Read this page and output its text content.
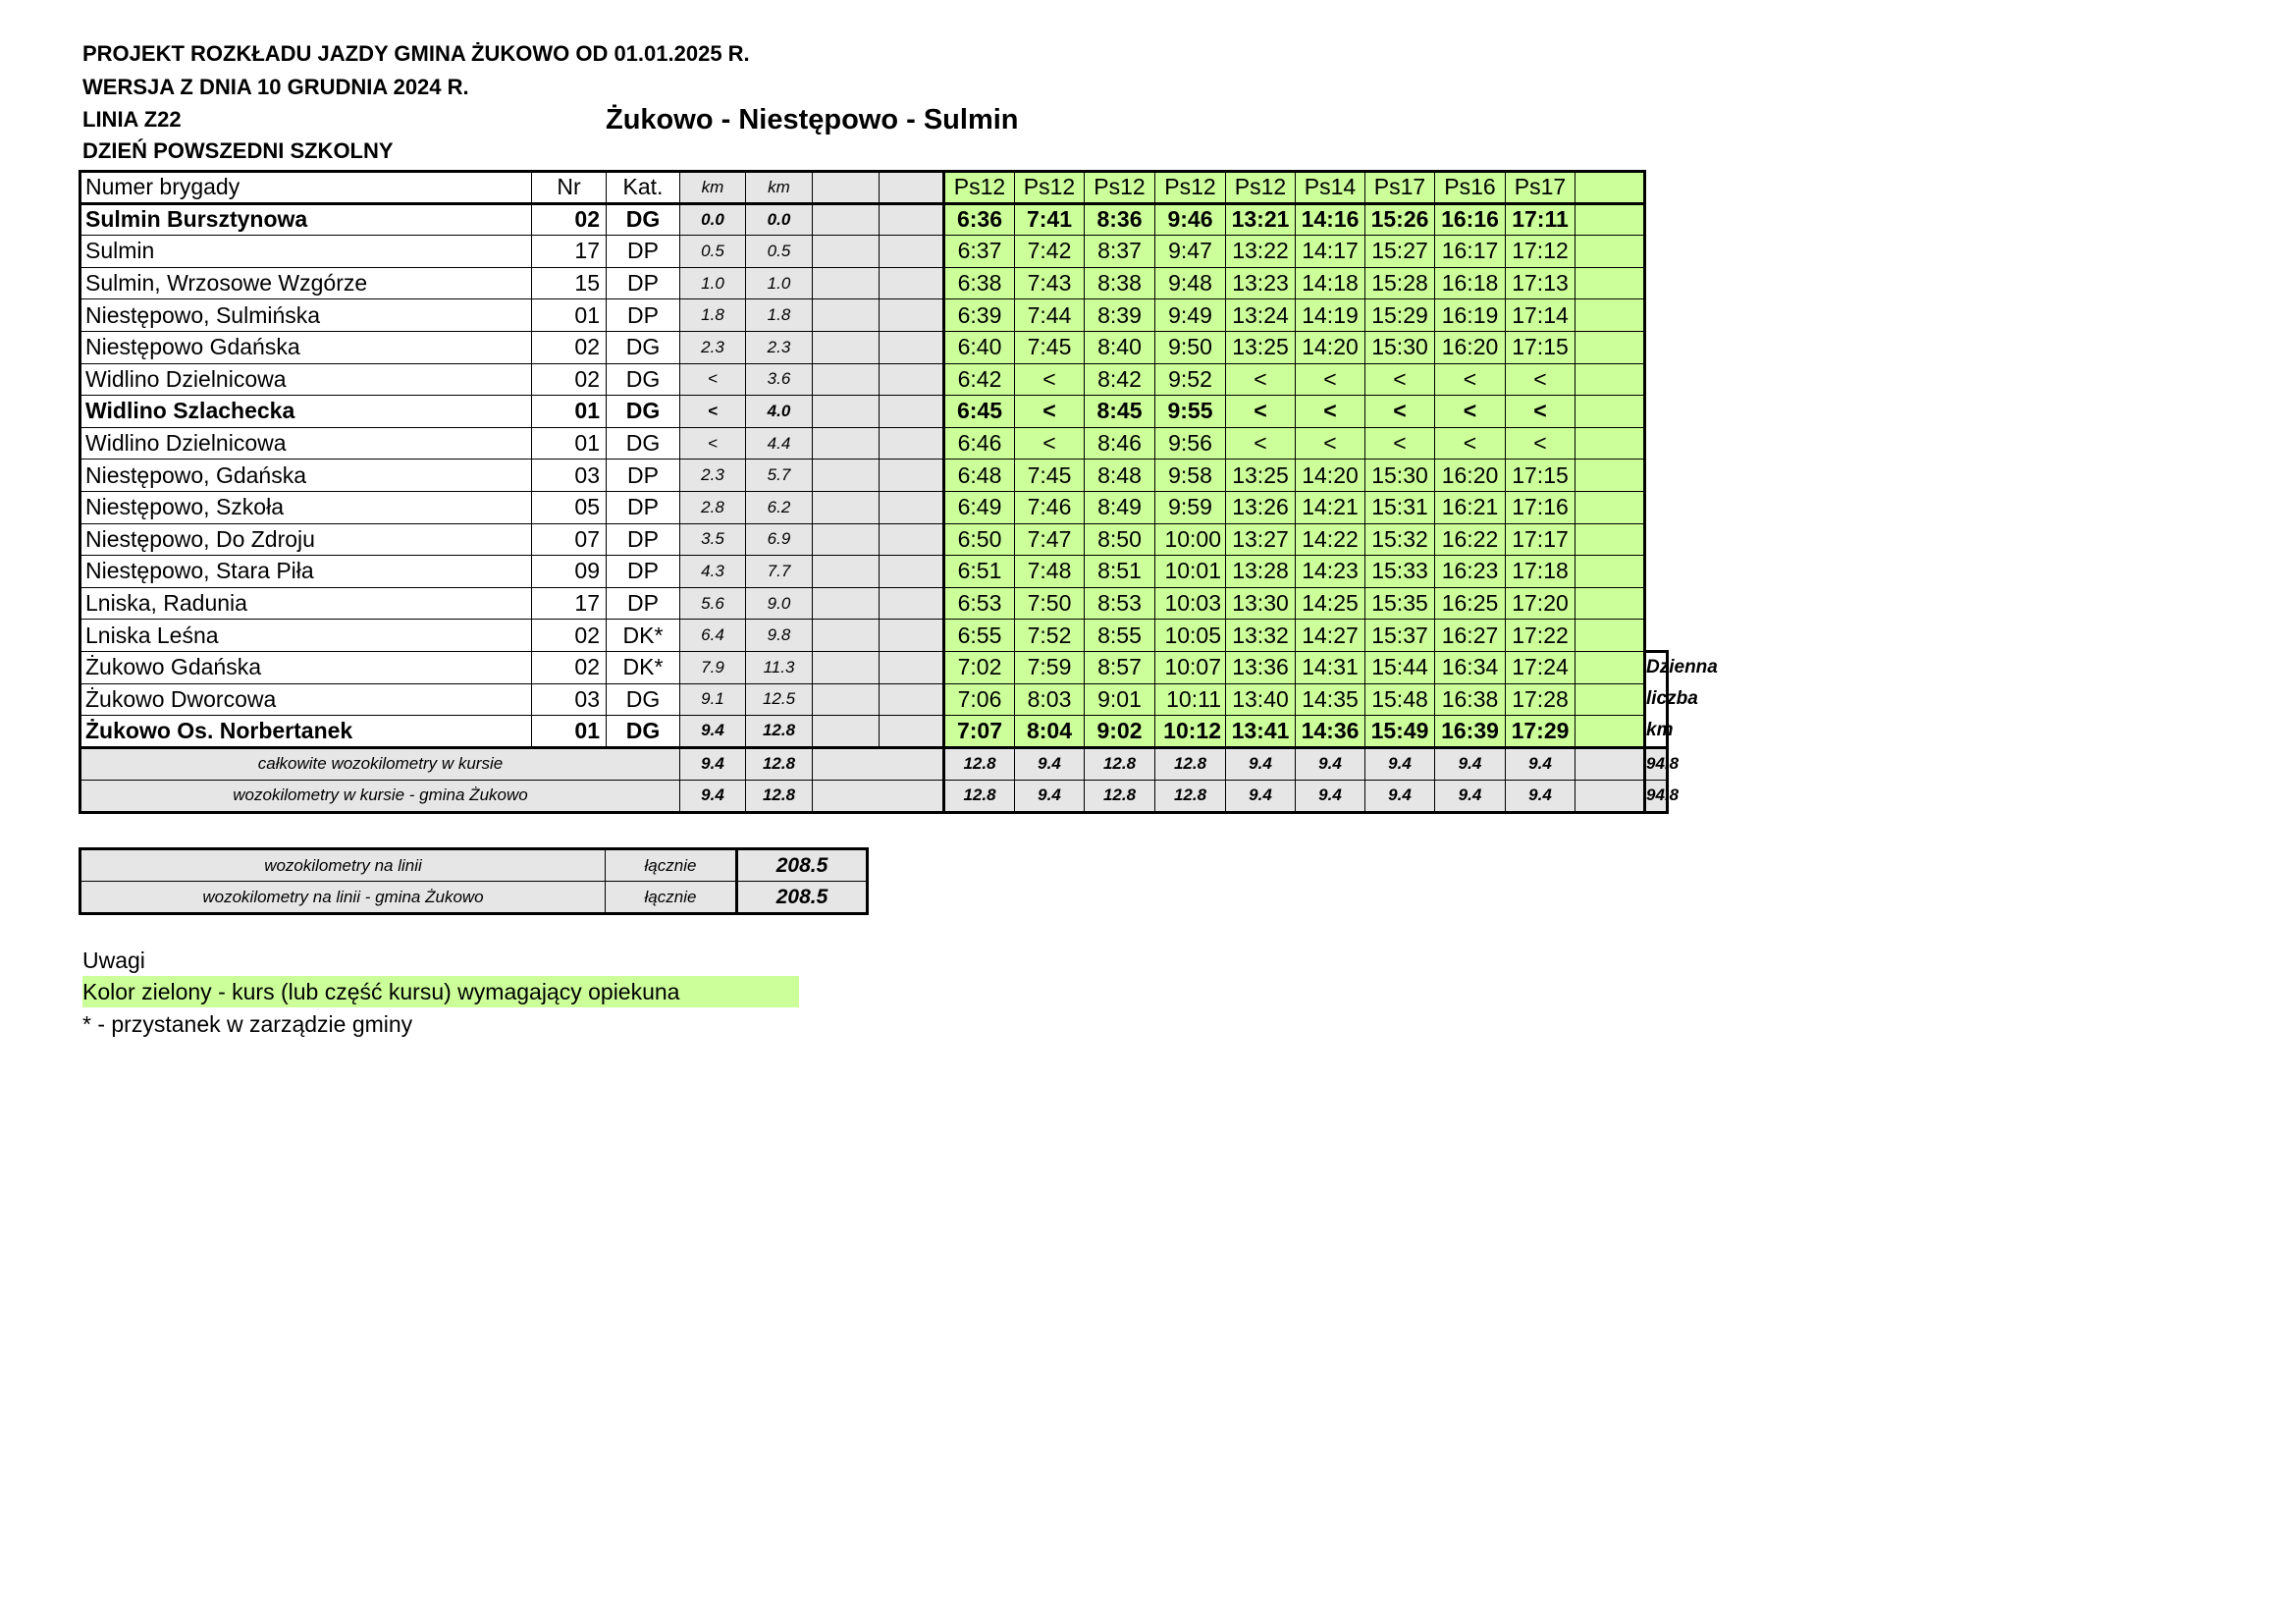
PROJEKT ROZKŁADU JAZDY GMINA ŻUKOWO OD 01.01.2025 R.
WERSJA Z DNIA 10 GRUDNIA 2024 R.
LINIA Z22
DZIEŃ POWSZEDNI SZKOLNY
Żukowo - Niestępowo - Sulmin
Numer brygady	Nr	Kat.	km	km			Ps12	Ps12	Ps12	Ps12	Ps12	Ps14	Ps17	Ps16	Ps17		
Sulmin Bursztynowa	02	DG	0.0	0.0			6:36	7:41	8:36	9:46	13:21	14:16	15:26	16:16	17:11		
Sulmin	17	DP	0.5	0.5			6:37	7:42	8:37	9:47	13:22	14:17	15:27	16:17	17:12		
Sulmin, Wrzosowe Wzgórze	15	DP	1.0	1.0			6:38	7:43	8:38	9:48	13:23	14:18	15:28	16:18	17:13		
Niestępowo, Sulmińska	01	DP	1.8	1.8			6:39	7:44	8:39	9:49	13:24	14:19	15:29	16:19	17:14		
Niestępowo Gdańska	02	DG	2.3	2.3			6:40	7:45	8:40	9:50	13:25	14:20	15:30	16:20	17:15		
Widlino Dzielnicowa	02	DG	<	3.6			6:42	<	8:42	9:52	<	<	<	<	<		
Widlino Szlachecka	01	DG	<	4.0			6:45	<	8:45	9:55	<	<	<	<	<		
Widlino Dzielnicowa	01	DG	<	4.4			6:46	<	8:46	9:56	<	<	<	<	<		
Niestępowo, Gdańska	03	DP	2.3	5.7			6:48	7:45	8:48	9:58	13:25	14:20	15:30	16:20	17:15		
Niestępowo, Szkoła	05	DP	2.8	6.2			6:49	7:46	8:49	9:59	13:26	14:21	15:31	16:21	17:16		
Niestępowo, Do Zdroju	07	DP	3.5	6.9			6:50	7:47	8:50	10:00	13:27	14:22	15:32	16:22	17:17		
Niestępowo, Stara Piła	09	DP	4.3	7.7			6:51	7:48	8:51	10:01	13:28	14:23	15:33	16:23	17:18		
Lniska, Radunia	17	DP	5.6	9.0			6:53	7:50	8:53	10:03	13:30	14:25	15:35	16:25	17:20		
Lniska Leśna	02	DK*	6.4	9.8			6:55	7:52	8:55	10:05	13:32	14:27	15:37	16:27	17:22		
Żukowo Gdańska	02	DK*	7.9	11.3			7:02	7:59	8:57	10:07	13:36	14:31	15:44	16:34	17:24		Dzienna
Żukowo Dworcowa	03	DG	9.1	12.5			7:06	8:03	9:01	10:11	13:40	14:35	15:48	16:38	17:28		liczba
Żukowo Os. Norbertanek	01	DG	9.4	12.8			7:07	8:04	9:02	10:12	13:41	14:36	15:49	16:39	17:29		km
całkowite wozokilometry w kursie			9.4	12.8			12.8	9.4	12.8	12.8	9.4	9.4	9.4	9.4	9.4		94.8
wozokilometry w kursie - gmina Żukowo			9.4	12.8			12.8	9.4	12.8	12.8	9.4	9.4	9.4	9.4	9.4		94.8
wozokilometry na linii	łącznie	208.5
wozokilometry na linii - gmina Żukowo	łącznie	208.5
Uwagi
Kolor zielony - kurs (lub część kursu) wymagający opiekuna
* - przystanek w zarządzie gminy
